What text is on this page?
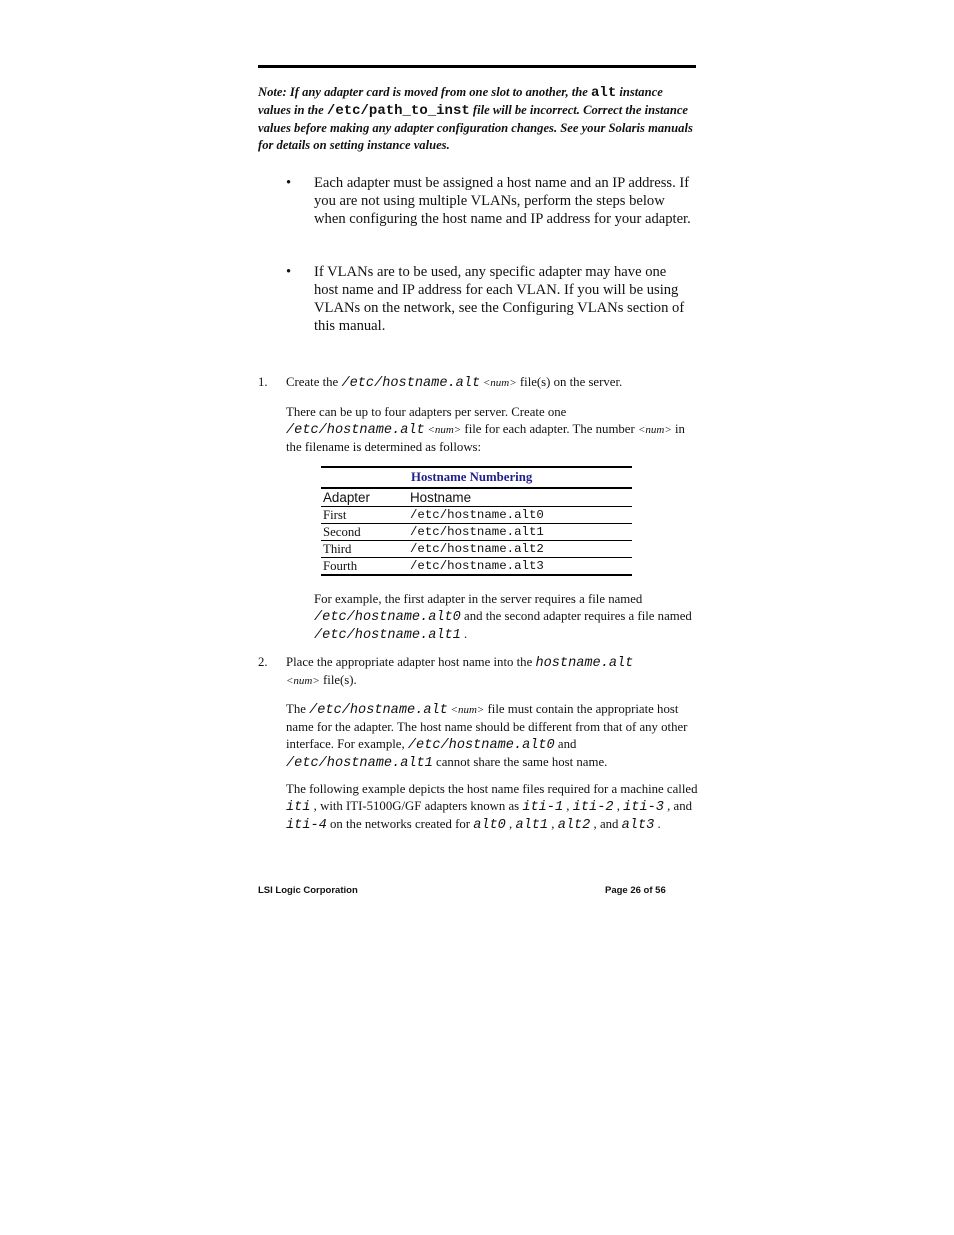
Note: If any adapter card is moved from one slot to another, the alt instance values in the /etc/path_to_inst file will be incorrect. Correct the instance values before making any adapter configuration changes. See your Solaris manuals for details on setting instance values.
• Each adapter must be assigned a host name and an IP address. If you are not using multiple VLANs, perform the steps below when configuring the host name and IP address for your adapter.
• If VLANs are to be used, any specific adapter may have one host name and IP address for each VLAN. If you will be using VLANs on the network, see the Configuring VLANs section of this manual.
1. Create the /etc/hostname.alt <num> file(s) on the server.
There can be up to four adapters per server. Create one /etc/hostname.alt <num> file for each adapter. The number <num> in the filename is determined as follows:
Hostname Numbering
Adapter	Hostname
First	/etc/hostname.alt0
Second	/etc/hostname.alt1
Third	/etc/hostname.alt2
Fourth	/etc/hostname.alt3
For example, the first adapter in the server requires a file named /etc/hostname.alt0 and the second adapter requires a file named /etc/hostname.alt1 .
2. Place the appropriate adapter host name into the hostname.alt
<num> file(s).
The /etc/hostname.alt <num> file must contain the appropriate host name for the adapter. The host name should be different from that of any other interface. For example, /etc/hostname.alt0 and /etc/hostname.alt1 cannot share the same host name.
The following example depicts the host name files required for a machine called iti , with ITI-5100G/GF adapters known as iti-1 , iti-2 , iti-3 , and iti-4 on the networks created for alt0 , alt1 , alt2 , and alt3 .
LSI Logic Corporation	Page 26 of 56
